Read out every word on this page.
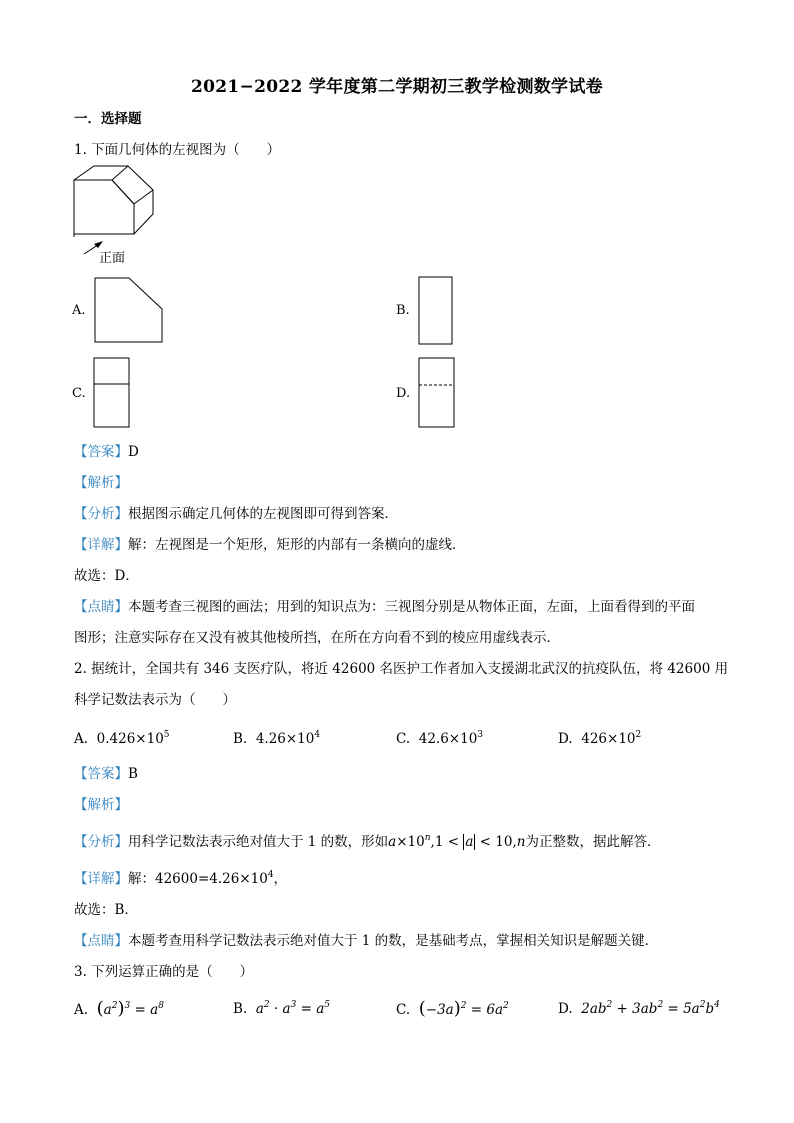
2021−2022 学年度第二学期初三教学检测数学试卷
一．选择题
1. 下面几何体的左视图为（　　）
正面
A.	B.
C.	D.
【答案】D
【解析】
【分析】根据图示确定几何体的左视图即可得到答案．
【详解】解：左视图是一个矩形，矩形的内部有一条横向的虚线．
故选：D．
【点睛】本题考查三视图的画法；用到的知识点为：三视图分别是从物体正面，左面，上面看得到的平面
图形；注意实际存在又没有被其他棱所挡，在所在方向看不到的棱应用虚线表示．
2. 据统计，全国共有 346 支医疗队，将近 42600 名医护工作者加入支援湖北武汉的抗疫队伍，将 42600 用
科学记数法表示为（　　）
A. $0.426\times 10^5$	B. $4.26\times 10^4$	C. $42.6\times 10^3$	D. $426\times 10^2$
【答案】B
【解析】
【分析】用科学记数法表示绝对值大于 1 的数，形如$a\times 10^n,1 < a < 10,n$为正整数，据此解答．
【详解】解：$42600=4.26\times 10^4$，
故选：B．
【点睛】本题考查用科学记数法表示绝对值大于 1 的数，是基础考点，掌握相关知识是解题关键．
3. 下列运算正确的是（　　）
A. $(a^2)^3 = a^8$	B. $a^2 \cdot a^3 = a^5$	C. $(-3a)^2 = 6a^2$	D. $2ab^2 + 3ab^2 = 5a^2b^4$
